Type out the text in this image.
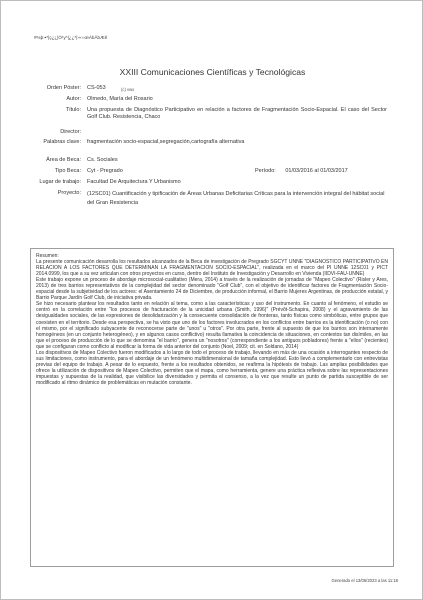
#%þ›•*|ç¿¿|Ò¹y*|¿¿*|›«‹›œÀbÂbÆê
XXIII Comunicaciones Científicas y Tecnológicas
Orden Póster: CS-053	(c) vwx
Autor: Olmedo, María del Rosario
Título: Una propuesta de Diagnóstico Participativo en relación a factores de Fragmentación Socio-Espacial. El caso del Sector Golf Club. Resistencia, Chaco
Director:
Palabras clave: fragmentación socio-espacial,segregación,cartografía alternativa
Área de Beca: Cs. Sociales
Tipo Beca: Cyt - Pregrado	Período: 01/03/2016 al 01/03/2017
Lugar de trabajo: Facultad De Arquitectura Y Urbanismo
Proyecto: (12SC01) Cuantificación y tipificación de Áreas Urbanas Deficitarias Críticas para la intervención integral del hábitat social del Gran Resistencia

Resumen:

La presente comunicación desarrolla los resultados alcanzados de la Beca de investigación de Pregrado SGCYT UNNE "DIAGNOSTICO PARTICIPATIVO EN RELACION A LOS FACTORES QUE DETERMINAN LA FRAGMENTACION SOCIO-ESPACIAL", realizada en el marco del PI UNNE 12SC01 y PICT 2014.0999, los que a su vez articulan con otros proyectos en curso, dentro del Instituto de Investigación y Desarrollo en Vivienda (IIDVI-FAU-UNNE)

Este trabajo expone un proceso de abordaje microsocial-cualitativo (Mera, 2014) a través de la realización de jornadas de "Mapeo Colectivo" (Risler y Ares, 2013) de tres barrios representativos de la complejidad del sector denominado "Golf Club", con el objetivo de identificar factores de Fragmentación Socio-espacial desde la subjetividad de los actores: el Asentamiento 24 de Diciembre, de producción informal, el Barrio Mujeres Argentinas, de producción estatal, y Barrio Parque Jardín Golf Club, de iniciativa privada.

Se hizo necesario plantear los resultados tanto en relación al tema, como a las características y uso del instrumento. En cuanto al fenómeno, el estudio se centró en la correlación entre "los procesos de fracturación de la unicidad urbana (Smith, 1996)" (Prévôt-Schapira, 2008) y el agravamiento de las desigualdades sociales, de las expresiones de desolidarización y la consecuente consolidación de fronteras, tanto físicas como simbólicas, entre grupos que coexisten en el territorio. Desde esa perspectiva, se ha visto que uno de los factores involucrados en los conflictos entre barrios es la identificación (o no) con el mismo, por el significado subyacente de reconocerse parte de "unos" u "otros". Por otra parte, frente al supuesto de que los barrios son internamente homogéneos (en un conjunto heterogéneo), y en algunos casos conflictivo) resulta llamativa la coincidencia de situaciones, en contextos tan disímiles, en las que el proceso de producción de lo que se denomina "el barrio", genera un "nosotros" (correspondiente a los antiguos pobladores) frente a "ellos" (recientes) que se configuran como conflicto al modificar la forma de vida anterior del conjunto (Noel, 2009; cit. en Soldano, 2014)

Los dispositivos de Mapeo Colectivo fueron modificados a lo largo de todo el proceso de trabajo, llevando en más de una ocasión a interrogantes respecto de sus limitaciones, como instrumento, para el abordaje de un fenómeno multidimensional de tamaña complejidad. Esto llevó a complementarlo con entrevistas previas del equipo de trabajo. A pesar de lo expuesto, frente a los resultados obtenidos, se reafirma la hipótesis de trabajo. Las amplias posibilidades que ofrece la utilización de dispositivos de Mapeo Colectivo, permiten que el mapa, como herramienta, genere una práctica reflexiva sobre las representaciones impuestas y supuestas de la realidad, que visibilice las diversidades y permita el consenso, a la vez que resulte un punto de partida susceptible de ser modificado al ritmo dinámico de problemáticas en mutación constante.

Generado el 13/06/2023 a las 11:18
